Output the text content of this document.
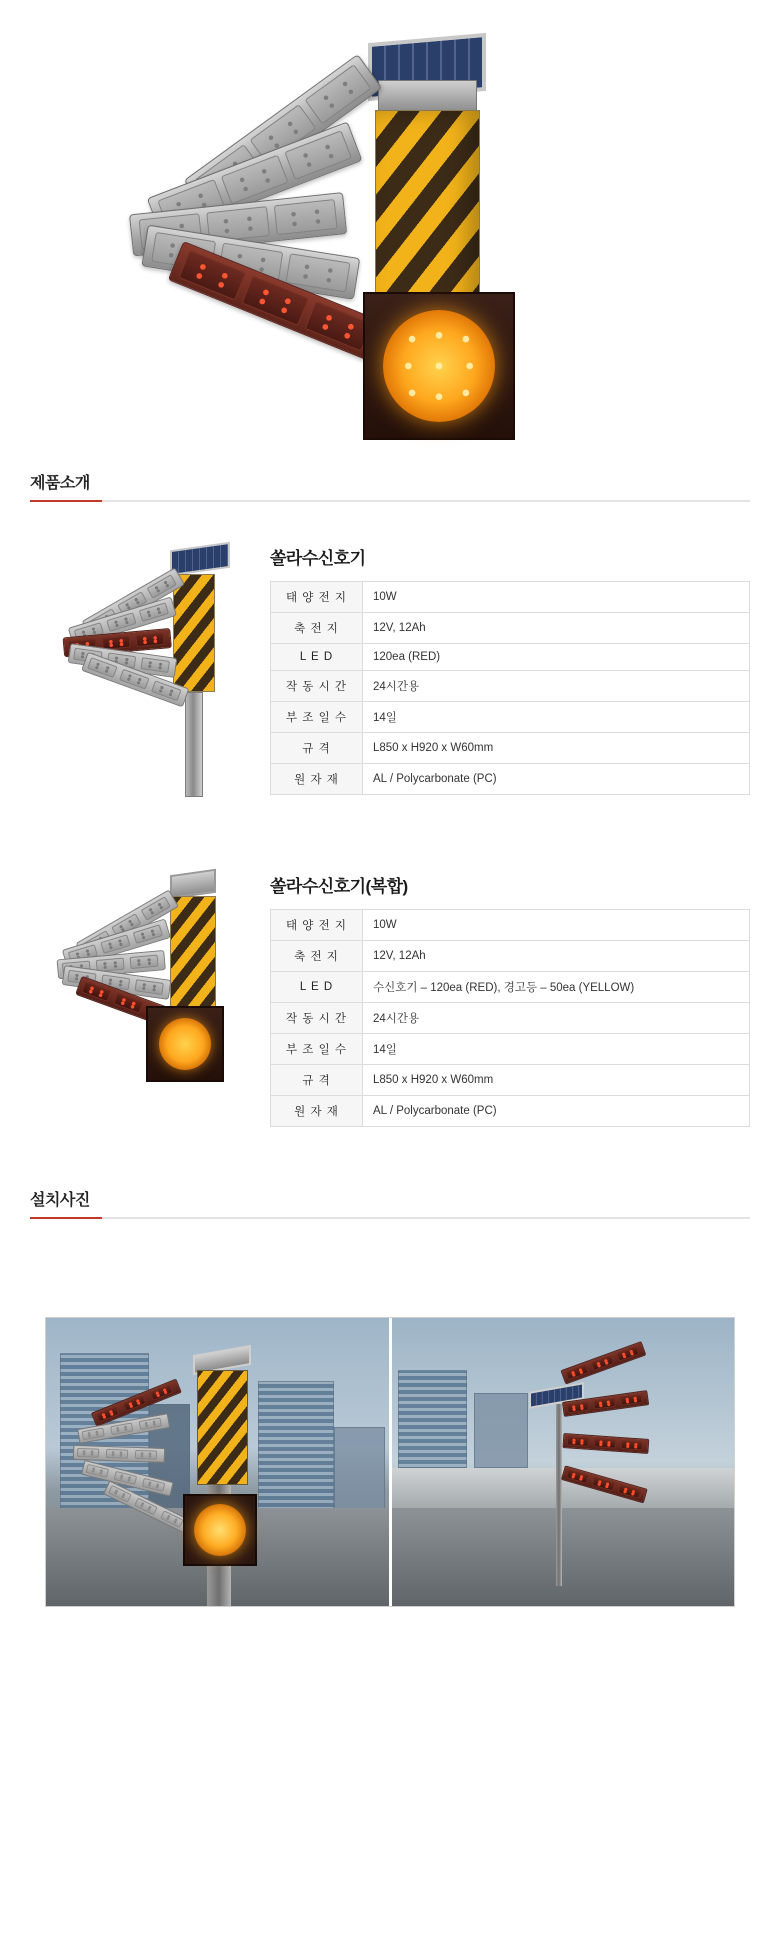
제품소개
쏠라수신호기
태 양 전 지	10W
축 전 지	12V, 12Ah
L E D	120ea (RED)
작 동 시 간	24시간용
부 조 일 수	14일
규 격	L850 x H920 x W60mm
원 자 재	AL / Polycarbonate (PC)
쏠라수신호기(복합)
태 양 전 지	10W
축 전 지	12V, 12Ah
L E D	수신호기 – 120ea (RED), 경고등 – 50ea (YELLOW)
작 동 시 간	24시간용
부 조 일 수	14일
규 격	L850 x H920 x W60mm
원 자 재	AL / Polycarbonate (PC)
설치사진
